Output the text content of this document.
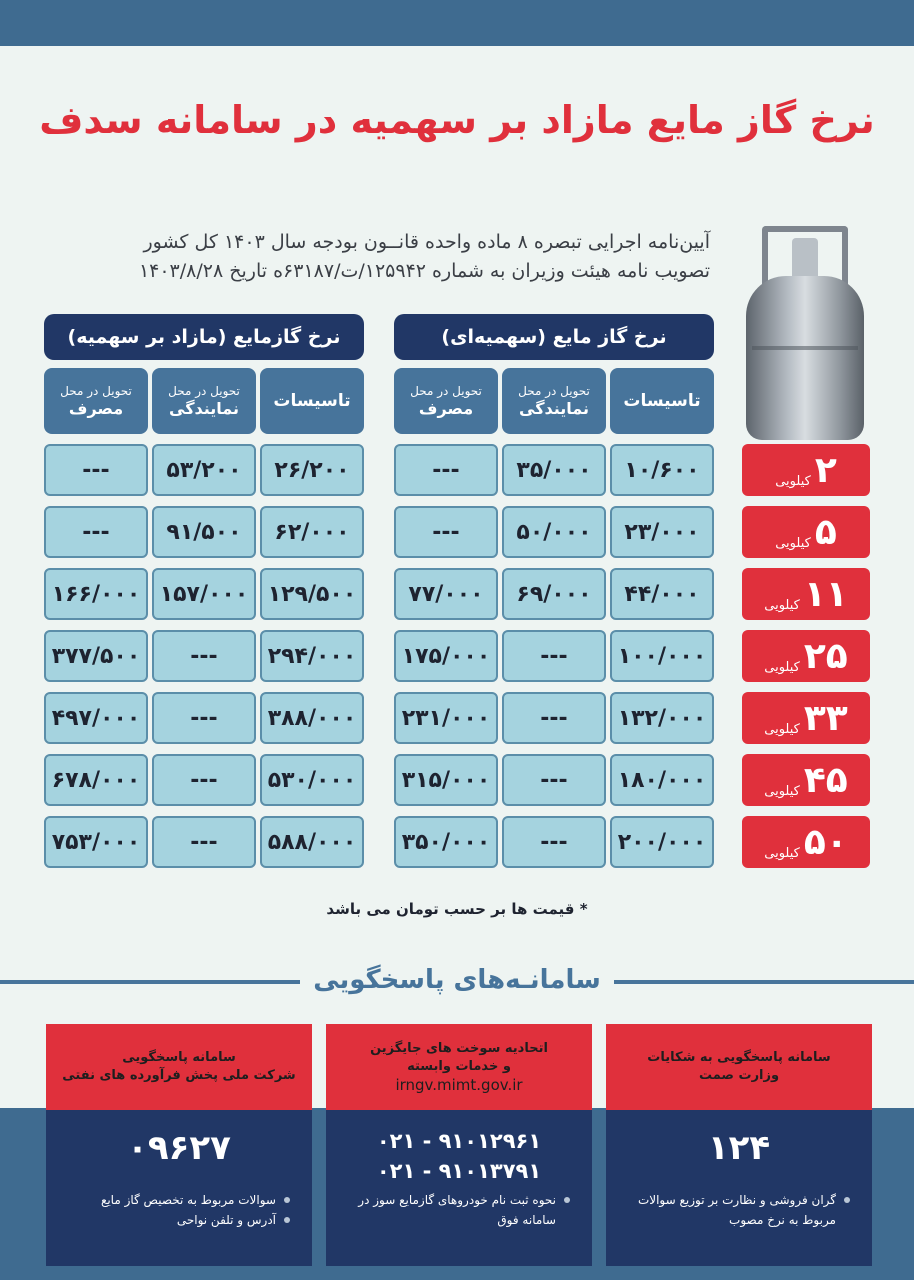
نرخ گاز مایع مازاد بر سهمیه در سامانه سدف
آیین‌نامه اجرایی تبصره ۸ ماده واحده قانــون بودجه سال ۱۴۰۳ کل کشور
تصویب نامه هیئت وزیران به شماره ۱۲۵۹۴۲/ت/۶۳۱۸۷ه تاریخ ۱۴۰۳/۸/۲۸
نرخ گاز مایع (سهمیه‌ای)
نرخ گازمایع (مازاد بر سهمیه)
تاسیسات
تحویل در محل
نمایندگی
تحویل در محل
مصرف
تاسیسات
تحویل در محل
نمایندگی
تحویل در محل
مصرف
۲
کیلویی
۱۰/۶۰۰
۳۵/۰۰۰
---
۲۶/۲۰۰
۵۳/۲۰۰
---
۵
کیلویی
۲۳/۰۰۰
۵۰/۰۰۰
---
۶۲/۰۰۰
۹۱/۵۰۰
---
۱۱
کیلویی
۴۴/۰۰۰
۶۹/۰۰۰
۷۷/۰۰۰
۱۲۹/۵۰۰
۱۵۷/۰۰۰
۱۶۶/۰۰۰
۲۵
کیلویی
۱۰۰/۰۰۰
---
۱۷۵/۰۰۰
۲۹۴/۰۰۰
---
۳۷۷/۵۰۰
۳۳
کیلویی
۱۳۲/۰۰۰
---
۲۳۱/۰۰۰
۳۸۸/۰۰۰
---
۴۹۷/۰۰۰
۴۵
کیلویی
۱۸۰/۰۰۰
---
۳۱۵/۰۰۰
۵۳۰/۰۰۰
---
۶۷۸/۰۰۰
۵۰
کیلویی
۲۰۰/۰۰۰
---
۳۵۰/۰۰۰
۵۸۸/۰۰۰
---
۷۵۳/۰۰۰
* قیمت ها بر حسب تومان می باشد
سامانـه‌های پاسخگویی
سامانه پاسخگویی به شکایات
وزارت صمت
۱۲۴
گران فروشی و نظارت بر توزیع سوالات مربوط به نرخ مصوب
اتحادیه سوخت های جایگزین
و خدمات وابسته
irngv.mimt.gov.ir
۰۲۱ - ۹۱۰۱۲۹۶۱
۰۲۱ - ۹۱۰۱۳۷۹۱
نحوه ثبت نام خودروهای گازمایع سوز در سامانه فوق
سامانه پاسخگویی
شرکت ملی پخش فرآورده های نفتی
۰۹۶۲۷
سوالات مربوط به تخصیص گاز مایع
آدرس و تلفن نواحی
